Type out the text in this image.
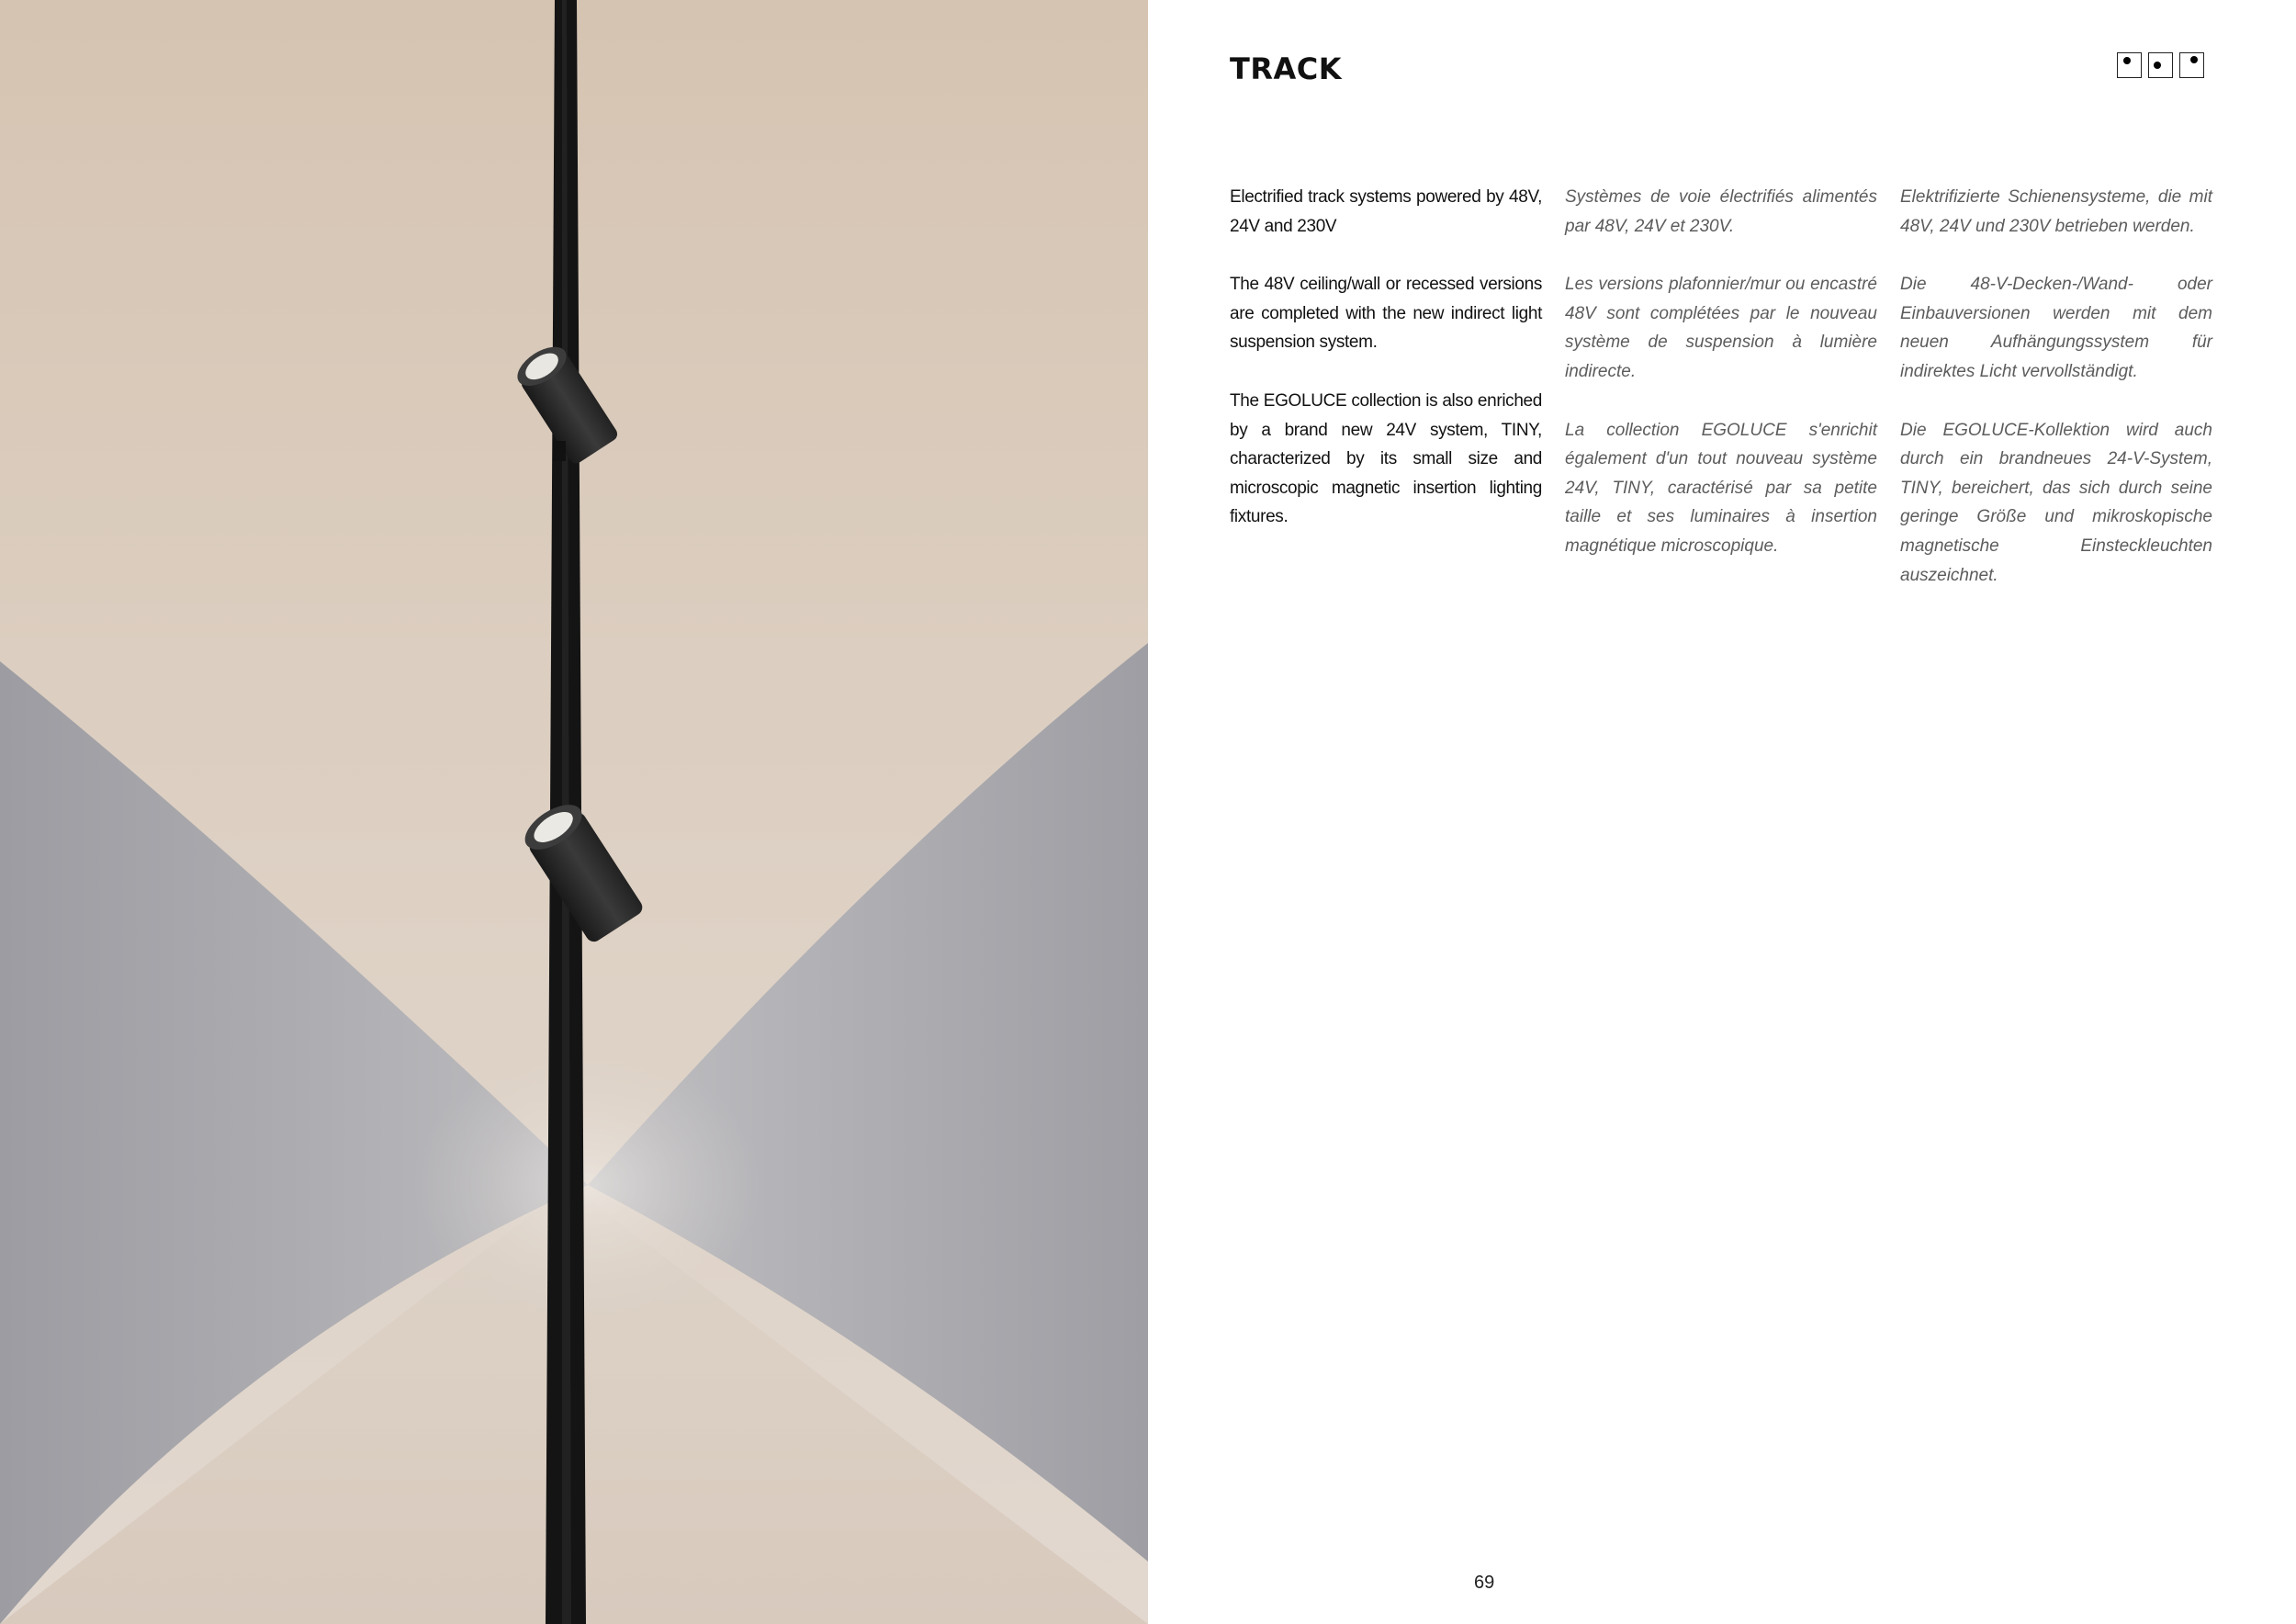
TRACK

Electrified track systems powered by 48V, 24V and 230V

The 48V ceiling/wall or recessed versions are completed with the new indirect light suspension system.

The EGOLUCE collection is also enriched by a brand new 24V system, TINY, characterized by its small size and microscopic magnetic insertion lighting fixtures.

Systèmes de voie électrifiés alimentés par 48V, 24V et 230V.

Les versions plafonnier/mur ou encastré 48V sont complétées par le nouveau système de suspension à lumière indirecte.

La collection EGOLUCE s'enrichit également d'un tout nouveau système 24V, TINY, caractérisé par sa petite taille et ses luminaires à insertion magnétique microscopique.

Elektrifizierte Schienensysteme, die mit 48V, 24V und 230V betrieben werden.

Die 48-V-Decken-/Wand- oder Einbauversionen werden mit dem neuen Aufhängungssystem für indirektes Licht vervollständigt.

Die EGOLUCE-Kollektion wird auch durch ein brandneues 24-V-System, TINY, bereichert, das sich durch seine geringe Größe und mikroskopische magnetische Einsteckleuchten auszeichnet.

69
